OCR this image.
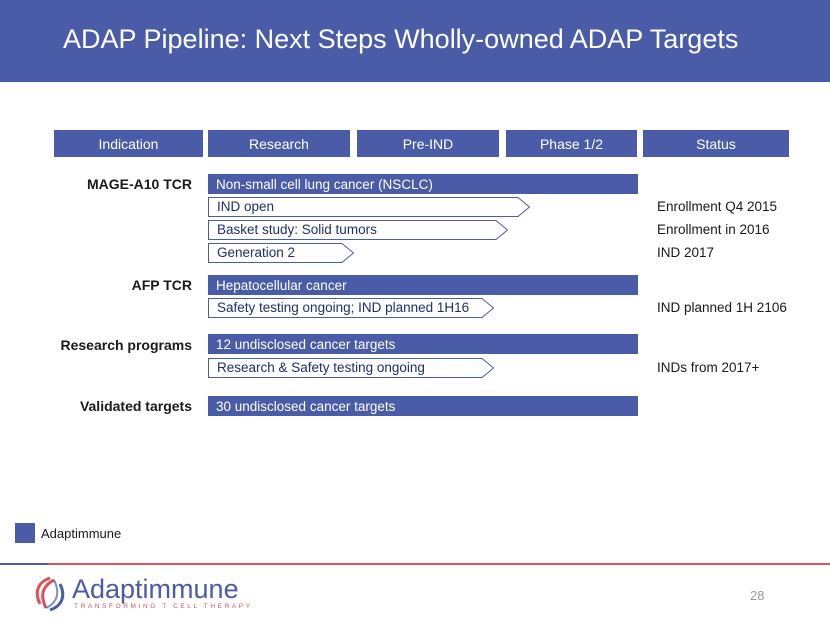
ADAP Pipeline: Next Steps Wholly-owned ADAP Targets
Indication	Research	Pre-IND	Phase 1/2	Status
MAGE-A10 TCR	Non-small cell lung cancer (NSCLC)
IND open	Enrollment Q4 2015
Basket study: Solid tumors	Enrollment in 2016
Generation 2	IND 2017
AFP TCR	Hepatocellular cancer
Safety testing ongoing; IND planned 1H16	IND planned 1H 2106
Research programs	12 undisclosed cancer targets
Research & Safety testing ongoing	INDs from 2017+
Validated targets	30 undisclosed cancer targets
Adaptimmune
Adaptimmune
TRANSFORMING T CELL THERAPY
28
